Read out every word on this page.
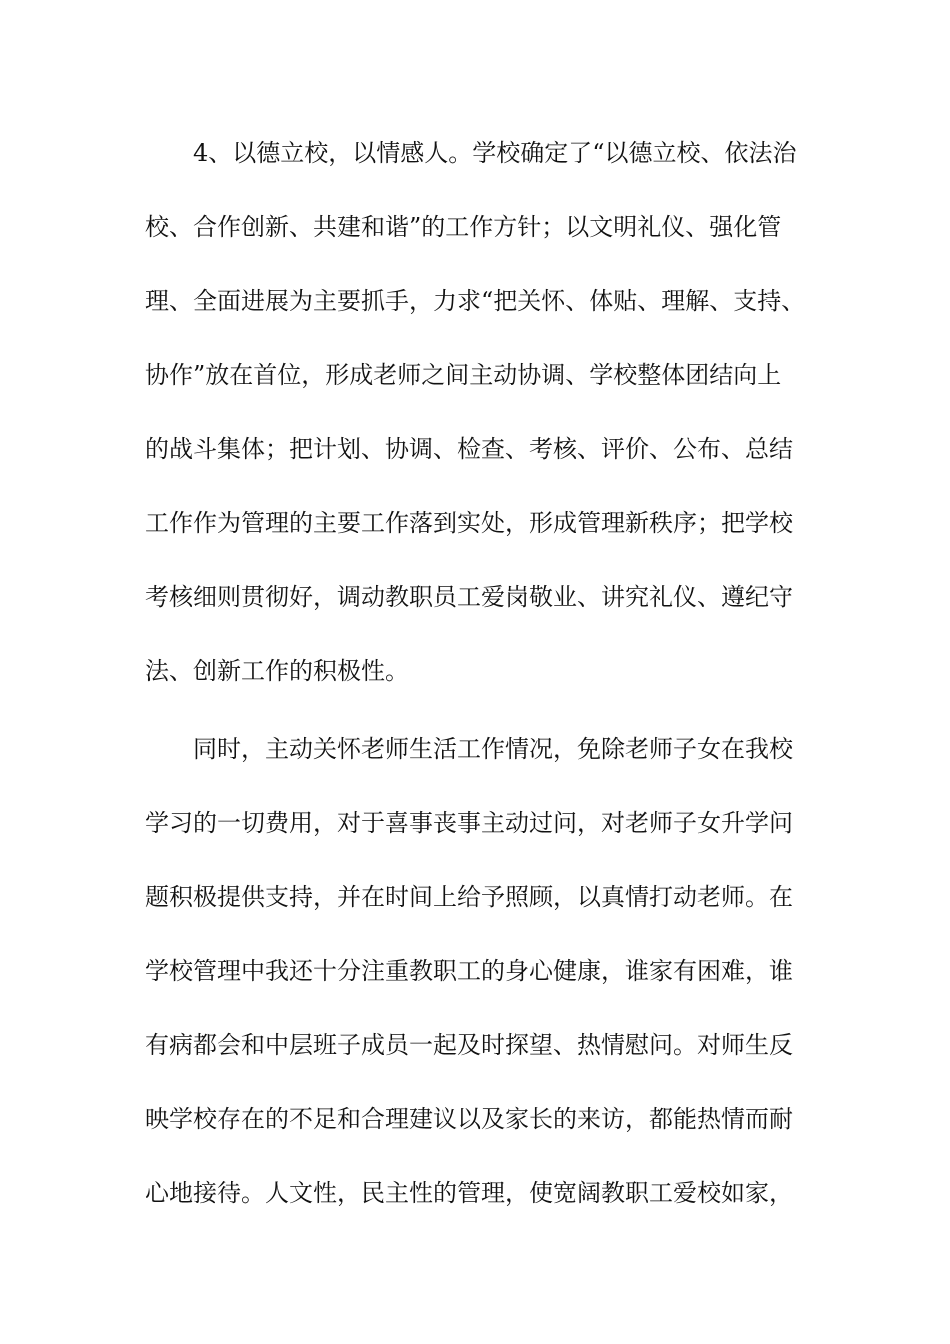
4、以德立校，以情感人。学校确定了“以德立校、依法治
校、合作创新、共建和谐”的工作方针；以文明礼仪、强化管
理、全面进展为主要抓手，力求“把关怀、体贴、理解、支持、
协作”放在首位，形成老师之间主动协调、学校整体团结向上
的战斗集体；把计划、协调、检查、考核、评价、公布、总结
工作作为管理的主要工作落到实处，形成管理新秩序；把学校
考核细则贯彻好，调动教职员工爱岗敬业、讲究礼仪、遵纪守
法、创新工作的积极性。
同时，主动关怀老师生活工作情况，免除老师子女在我校
学习的一切费用，对于喜事丧事主动过问，对老师子女升学问
题积极提供支持，并在时间上给予照顾，以真情打动老师。在
学校管理中我还十分注重教职工的身心健康，谁家有困难，谁
有病都会和中层班子成员一起及时探望、热情慰问。对师生反
映学校存在的不足和合理建议以及家长的来访，都能热情而耐
心地接待。人文性，民主性的管理，使宽阔教职工爱校如家，
